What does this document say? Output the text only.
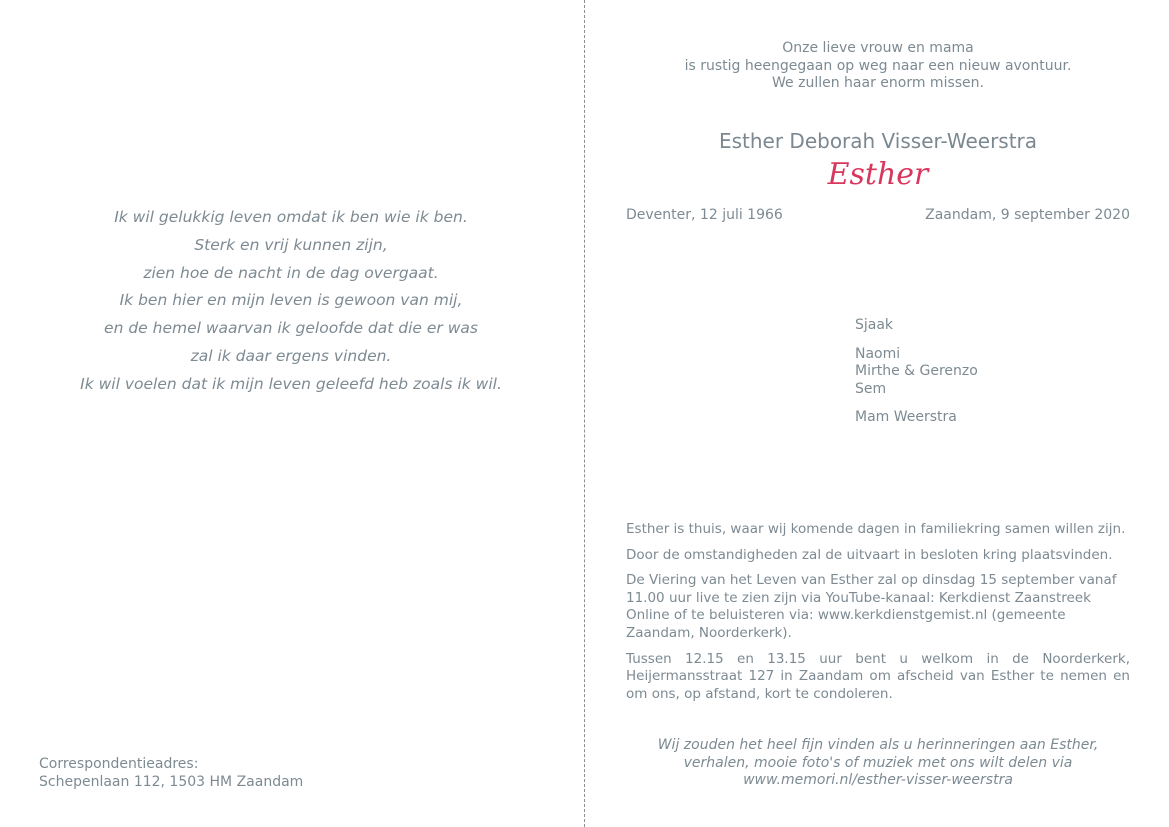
Ik wil gelukkig leven omdat ik ben wie ik ben.
Sterk en vrij kunnen zijn,
zien hoe de nacht in de dag overgaat.
Ik ben hier en mijn leven is gewoon van mij,
en de hemel waarvan ik geloofde dat die er was
zal ik daar ergens vinden.
Ik wil voelen dat ik mijn leven geleefd heb zoals ik wil.
Correspondentieadres:
Schepenlaan 112, 1503 HM Zaandam
Onze lieve vrouw en mama
is rustig heengegaan op weg naar een nieuw avontuur.
We zullen haar enorm missen.
Esther Deborah Visser-Weerstra
Esther
Deventer, 12 juli 1966	Zaandam, 9 september 2020
Sjaak
Naomi
Mirthe & Gerenzo
Sem
Mam Weerstra

Esther is thuis, waar wij komende dagen in familiekring samen willen zijn.

Door de omstandigheden zal de uitvaart in besloten kring plaatsvinden.

De Viering van het Leven van Esther zal op dinsdag 15 september vanaf 11.00 uur live te zien zijn via YouTube-kanaal: Kerkdienst Zaanstreek Online of te beluisteren via: www.kerkdienstgemist.nl (gemeente Zaandam, Noorderkerk).

Tussen 12.15 en 13.15 uur bent u welkom in de Noorderkerk, Heijermansstraat 127 in Zaandam om afscheid van Esther te nemen en om ons, op afstand, kort te condoleren.

Wij zouden het heel fijn vinden als u herinneringen aan Esther,
verhalen, mooie foto's of muziek met ons wilt delen via
www.memori.nl/esther-visser-weerstra
